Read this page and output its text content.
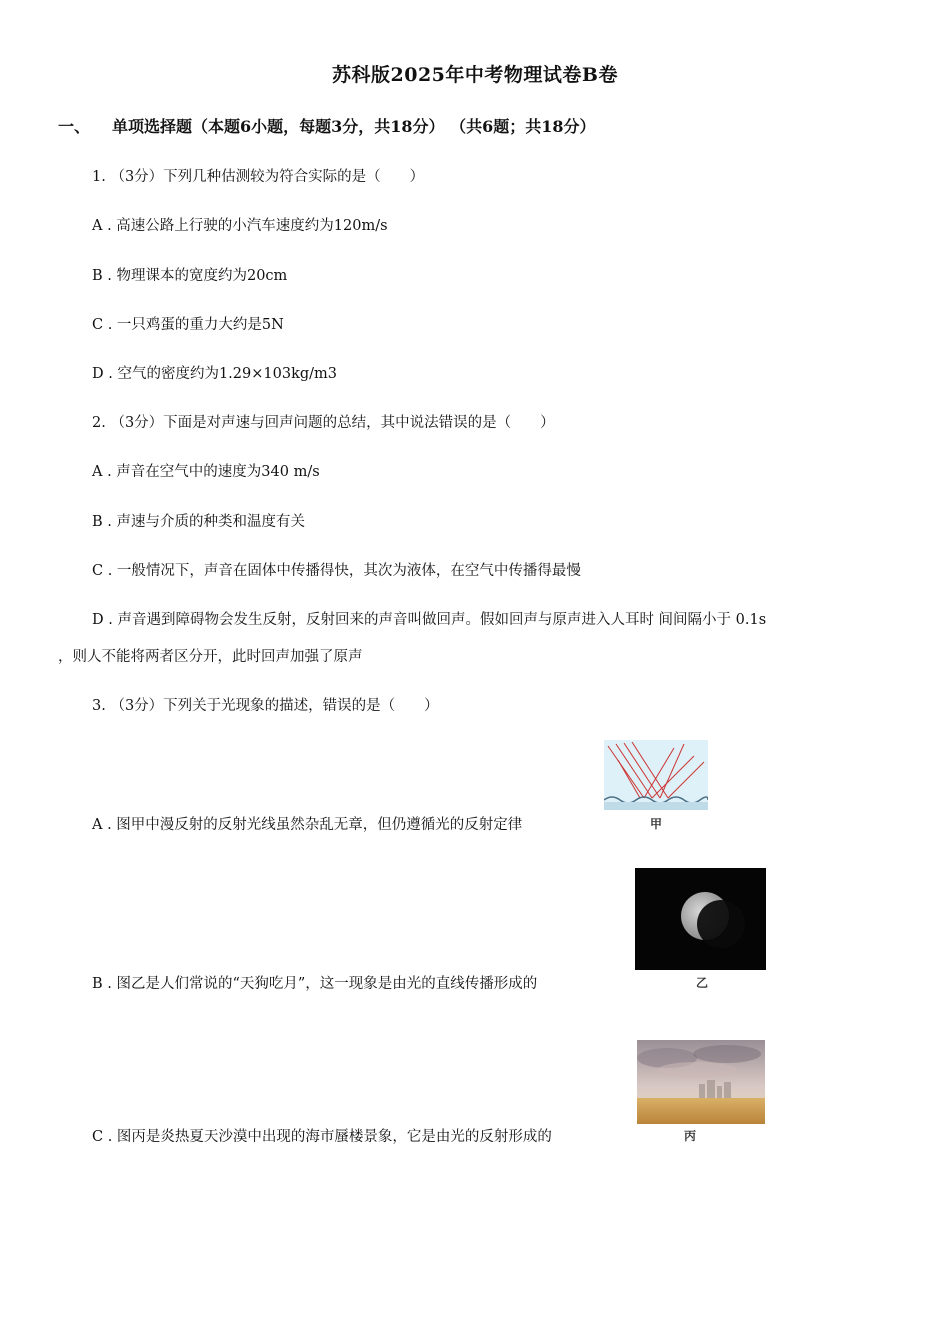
苏科版2025年中考物理试卷B卷
一、 单项选择题（本题6小题，每题3分，共18分） （共6题；共18分）
1. （3分）下列几种估测较为符合实际的是（　　）
A . 高速公路上行驶的小汽车速度约为120m/s
B . 物理课本的宽度约为20cm
C . 一只鸡蛋的重力大约是5N
D . 空气的密度约为1.29×103kg/m3
2. （3分）下面是对声速与回声问题的总结，其中说法错误的是（　　）
A . 声音在空气中的速度为340 m/s
B . 声速与介质的种类和温度有关
C . 一般情况下，声音在固体中传播得快，其次为液体，在空气中传播得最慢
D . 声音遇到障碍物会发生反射，反射回来的声音叫做回声。假如回声与原声进入人耳时 间间隔小于 0.1s
，则人不能将两者区分开，此时回声加强了原声
3. （3分）下列关于光现象的描述，错误的是（　　）
A . 图甲中漫反射的反射光线虽然杂乱无章，但仍遵循光的反射定律
B . 图乙是人们常说的“天狗吃月”，这一现象是由光的直线传播形成的
C . 图丙是炎热夏天沙漠中出现的海市蜃楼景象，它是由光的反射形成的
甲
乙
丙
